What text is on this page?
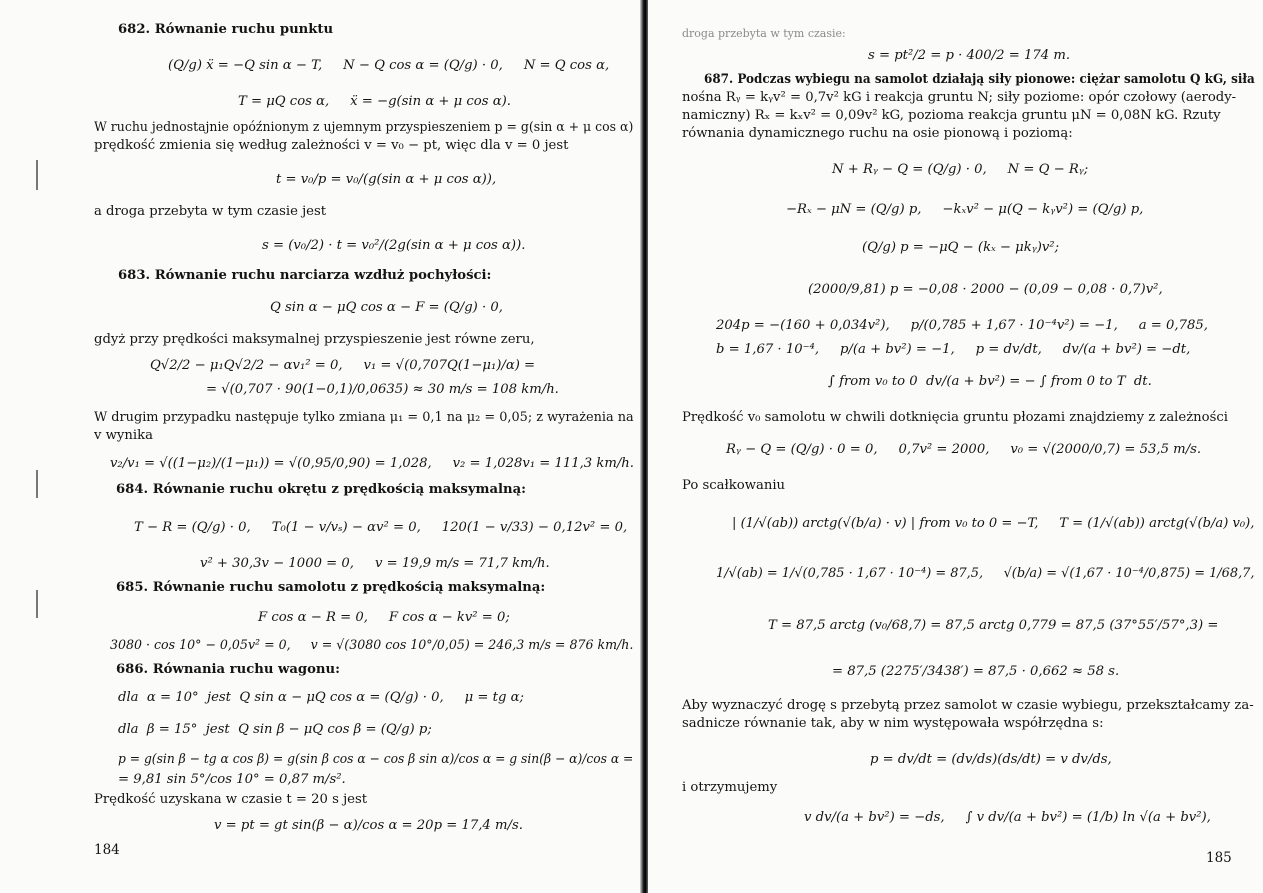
682. Równanie ruchu punktu
(Q/g) ẍ = −Q sin α − T,     N − Q cos α = (Q/g) · 0,     N = Q cos α,
T = μQ cos α,     ẍ = −g(sin α + μ cos α).
W ruchu jednostajnie opóźnionym z ujemnym przyspieszeniem p = g(sin α + μ cos α)
prędkość zmienia się według zależności v = v₀ − pt, więc dla v = 0 jest
t = v₀/p = v₀/(g(sin α + μ cos α)),
a droga przebyta w tym czasie jest
s = (v₀/2) · t = v₀²/(2g(sin α + μ cos α)).
683. Równanie ruchu narciarza wzdłuż pochyłości:
Q sin α − μQ cos α − F = (Q/g) · 0,
gdyż przy prędkości maksymalnej przyspieszenie jest równe zeru,
Q√2/2 − μ₁Q√2/2 − αv₁² = 0,     v₁ = √(0,707Q(1−μ₁)/α) =
= √(0,707 · 90(1−0,1)/0,0635) ≈ 30 m/s = 108 km/h.
W drugim przypadku następuje tylko zmiana μ₁ = 0,1 na μ₂ = 0,05; z wyrażenia na
v wynika
v₂/v₁ = √((1−μ₂)/(1−μ₁)) = √(0,95/0,90) = 1,028,     v₂ = 1,028v₁ = 111,3 km/h.
684. Równanie ruchu okrętu z prędkością maksymalną:
T − R = (Q/g) · 0,     T₀(1 − v/vₛ) − αv² = 0,     120(1 − v/33) − 0,12v² = 0,
v² + 30,3v − 1000 = 0,     v = 19,9 m/s = 71,7 km/h.
685. Równanie ruchu samolotu z prędkością maksymalną:
F cos α − R = 0,     F cos α − kv² = 0;
3080 · cos 10° − 0,05v² = 0,     v = √(3080 cos 10°/0,05) = 246,3 m/s = 876 km/h.
686. Równania ruchu wagonu:
dla  α = 10°  jest  Q sin α − μQ cos α = (Q/g) · 0,     μ = tg α;
dla  β = 15°  jest  Q sin β − μQ cos β = (Q/g) p;
p = g(sin β − tg α cos β) = g(sin β cos α − cos β sin α)/cos α = g sin(β − α)/cos α =
= 9,81 sin 5°/cos 10° = 0,87 m/s².
Prędkość uzyskana w czasie t = 20 s jest
v = pt = gt sin(β − α)/cos α = 20p = 17,4 m/s.
184
droga przebyta w tym czasie:
s = pt²/2 = p · 400/2 = 174 m.
687. Podczas wybiegu na samolot działają siły pionowe: ciężar samolotu Q kG, siła
nośna Rᵧ = kᵧv² = 0,7v² kG i reakcja gruntu N; siły poziome: opór czołowy (aerody-
namiczny) Rₓ = kₓv² = 0,09v² kG, pozioma reakcja gruntu μN = 0,08N kG. Rzuty
równania dynamicznego ruchu na osie pionową i poziomą:
N + Rᵧ − Q = (Q/g) · 0,     N = Q − Rᵧ;
−Rₓ − μN = (Q/g) p,     −kₓv² − μ(Q − kᵧv²) = (Q/g) p,
(Q/g) p = −μQ − (kₓ − μkᵧ)v²;
(2000/9,81) p = −0,08 · 2000 − (0,09 − 0,08 · 0,7)v²,
204p = −(160 + 0,034v²),     p/(0,785 + 1,67 · 10⁻⁴v²) = −1,     a = 0,785,
b = 1,67 · 10⁻⁴,     p/(a + bv²) = −1,     p = dv/dt,     dv/(a + bv²) = −dt,
∫ from v₀ to 0  dv/(a + bv²) = − ∫ from 0 to T  dt.
Prędkość v₀ samolotu w chwili dotknięcia gruntu płozami znajdziemy z zależności
Rᵧ − Q = (Q/g) · 0 = 0,     0,7v² = 2000,     v₀ = √(2000/0,7) = 53,5 m/s.
Po scałkowaniu
| (1/√(ab)) arctg(√(b/a) · v) | from v₀ to 0 = −T,     T = (1/√(ab)) arctg(√(b/a) v₀),
1/√(ab) = 1/√(0,785 · 1,67 · 10⁻⁴) = 87,5,     √(b/a) = √(1,67 · 10⁻⁴/0,875) = 1/68,7,
T = 87,5 arctg (v₀/68,7) = 87,5 arctg 0,779 = 87,5 (37°55′/57°,3) =
= 87,5 (2275′/3438′) = 87,5 · 0,662 ≈ 58 s.
Aby wyznaczyć drogę s przebytą przez samolot w czasie wybiegu, przekształcamy za-
sadnicze równanie tak, aby w nim występowała współrzędna s:
p = dv/dt = (dv/ds)(ds/dt) = v dv/ds,
i otrzymujemy
v dv/(a + bv²) = −ds,     ∫ v dv/(a + bv²) = (1/b) ln √(a + bv²),
185
